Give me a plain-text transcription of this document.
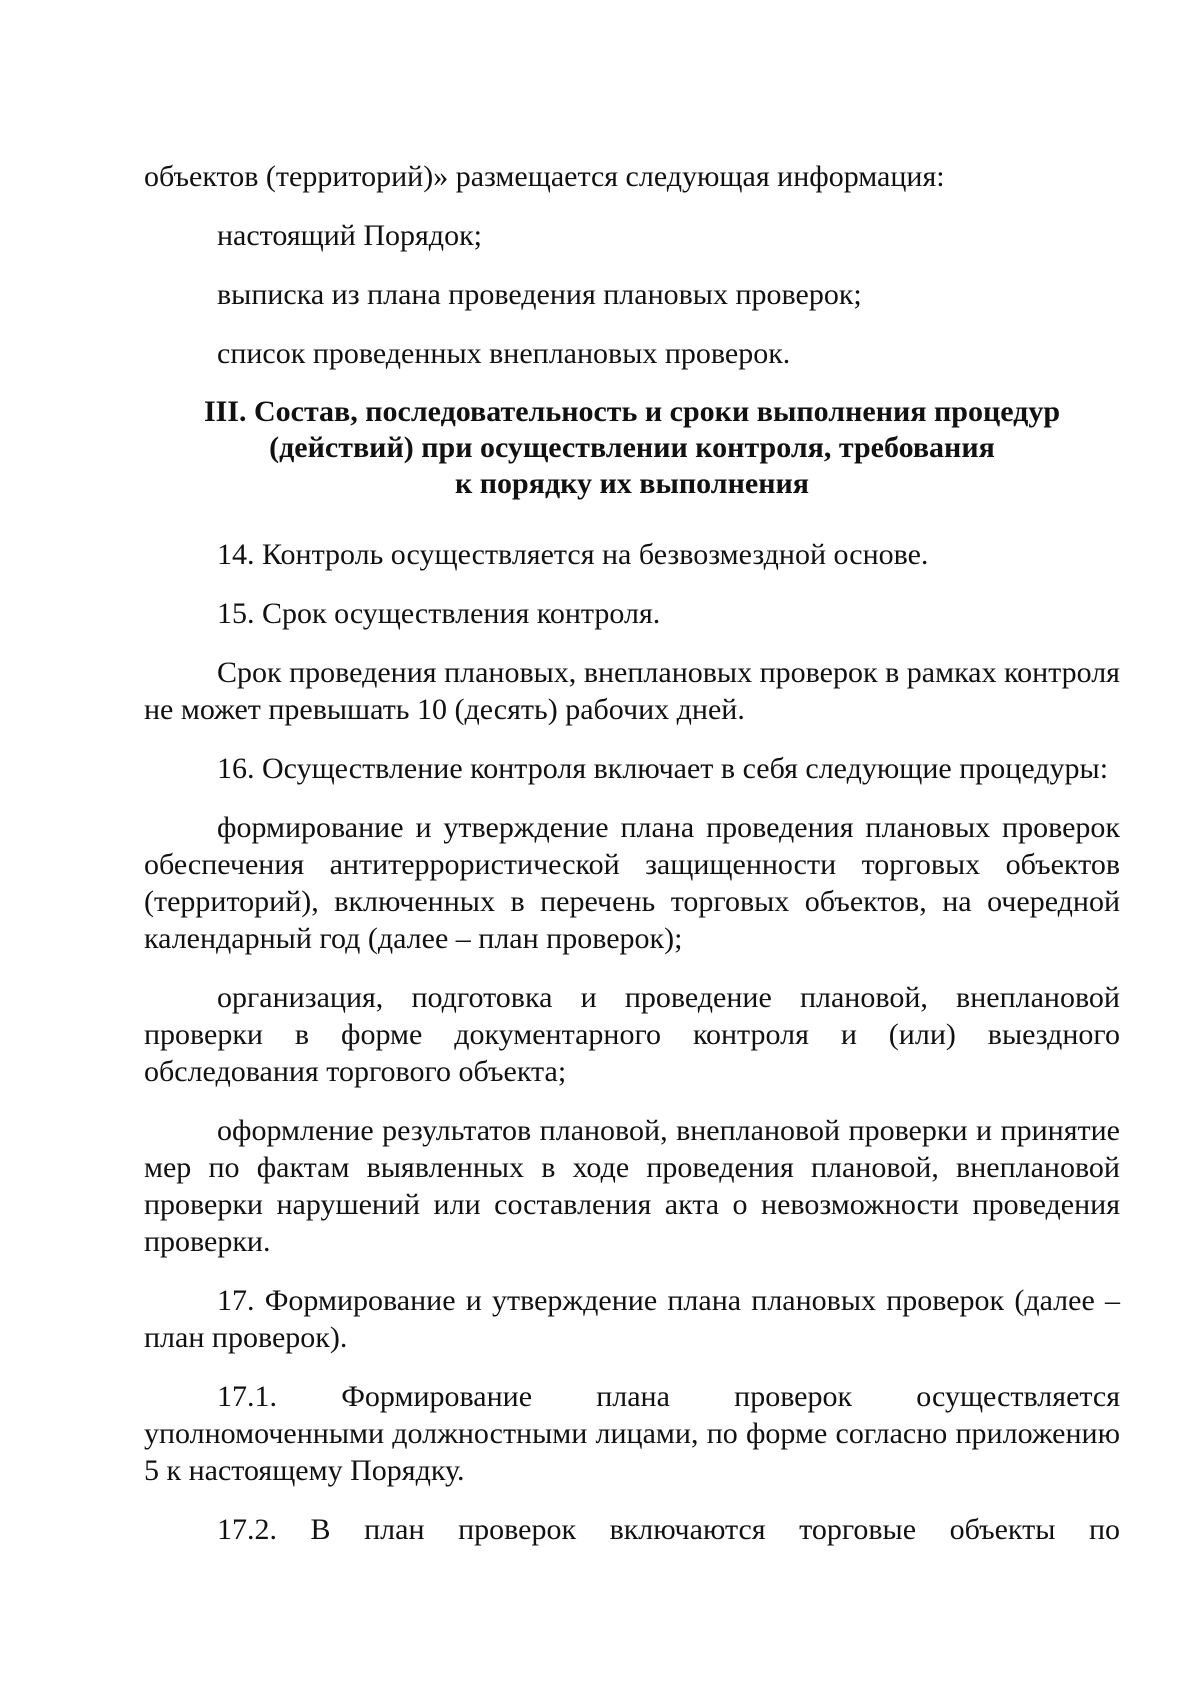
объектов (территорий)» размещается следующая информация:

настоящий Порядок;

выписка из плана проведения плановых проверок;

список проведенных внеплановых проверок.

III. Состав, последовательность и сроки выполнения процедур
(действий) при осуществлении контроля, требования
к порядку их выполнения

14. Контроль осуществляется на безвозмездной основе.

15. Срок осуществления контроля.

Срок проведения плановых, внеплановых проверок в рамках контроля не может превышать 10 (десять) рабочих дней.

16. Осуществление контроля включает в себя следующие процедуры:

формирование и утверждение плана проведения плановых проверок обеспечения антитеррористической защищенности торговых объектов (территорий), включенных в перечень торговых объектов, на очередной календарный год (далее – план проверок);

организация, подготовка и проведение плановой, внеплановой проверки в форме документарного контроля и (или) выездного обследования торгового объекта;

оформление результатов плановой, внеплановой проверки и принятие мер по фактам выявленных в ходе проведения плановой, внеплановой проверки нарушений или составления акта о невозможности проведения проверки.

17. Формирование и утверждение плана плановых проверок (далее – план проверок).

17.1. Формирование плана проверок осуществляется уполномоченными должностными лицами, по форме согласно приложению 5 к настоящему Порядку.

17.2. В план проверок включаются торговые объекты по
